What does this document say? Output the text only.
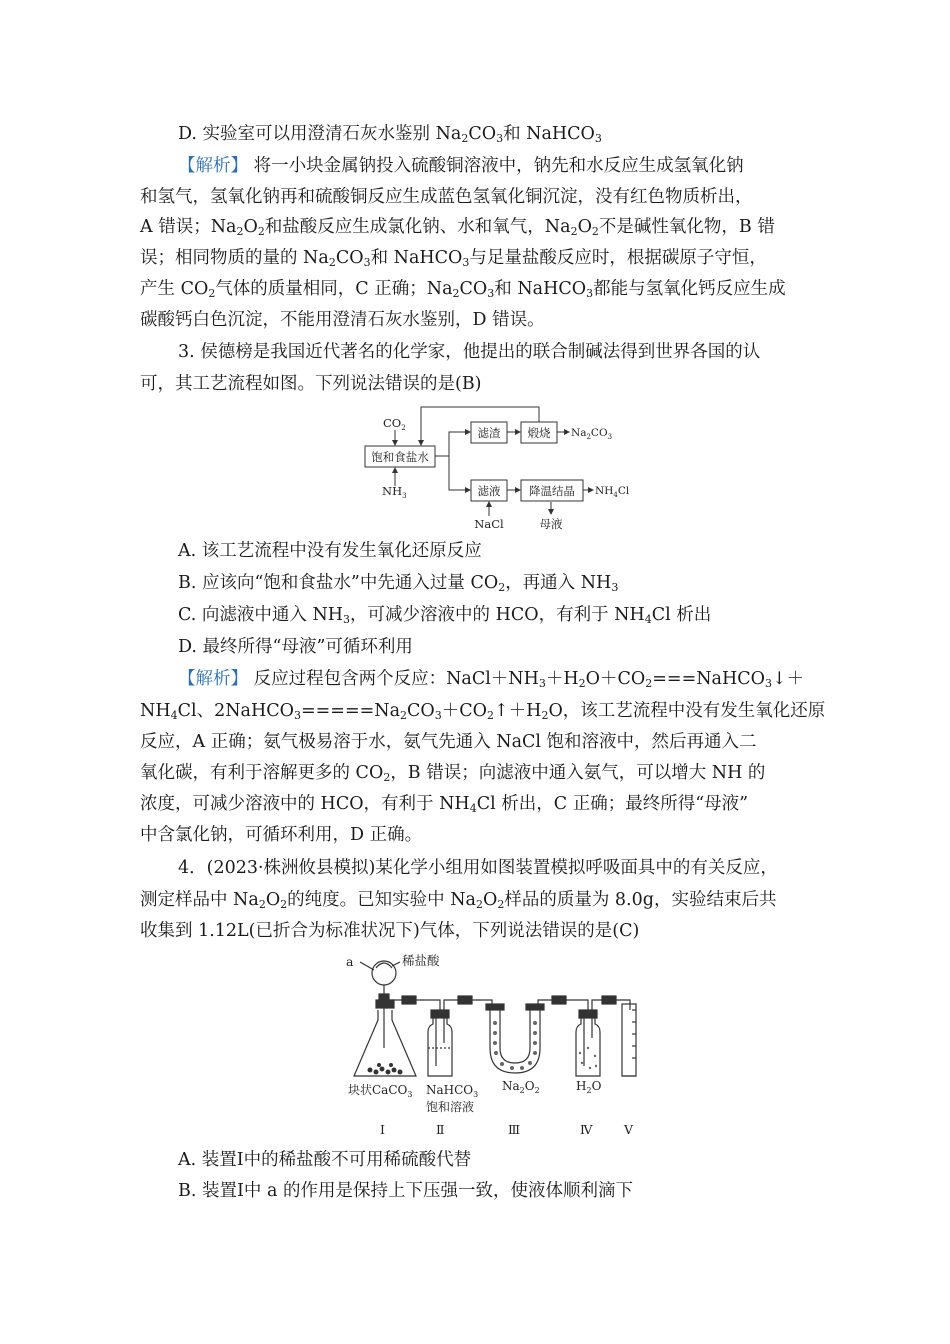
D. 实验室可以用澄清石灰水鉴别 $Na_2CO_3$和 NaHCO$_3$
【解析】 将一小块金属钠投入硫酸铜溶液中，钠先和水反应生成氢氧化钠
和氢气，氢氧化钠再和硫酸铜反应生成蓝色氢氧化铜沉淀，没有红色物质析出，
A 错误；$Na_2O_2$和盐酸反应生成氯化钠、水和氧气，$Na_2O_2$不是碱性氧化物，B 错
误；相同物质的量的 $Na_2CO_3$和 NaHCO$_3$与足量盐酸反应时，根据碳原子守恒，
产生 $CO_2$气体的质量相同，C 正确；$Na_2CO_3$和 NaHCO$_3$都能与氢氧化钙反应生成
碳酸钙白色沉淀，不能用澄清石灰水鉴别，D 错误。
3. 侯德榜是我国近代著名的化学家，他提出的联合制碱法得到世界各国的认
可，其工艺流程如图。下列说法错误的是(B)
$CO_2$
饱和食盐水
$NH_3$
滤渣 煅烧 $Na_2CO_3$
滤液 降温结晶 $NH_4Cl$
NaCl	母液
A. 该工艺流程中没有发生氧化还原反应
B. 应该向“饱和食盐水”中先通入过量 $CO_2$，再通入 $NH_3$
C. 向滤液中通入 $NH_3$，可减少溶液中的 HCO，有利于 $NH_4Cl$ 析出
D. 最终所得“母液”可循环利用
【解析】 反应过程包含两个反应：$NaCl+NH_3+H_2O+CO_2===NaHCO_3↓+$
$NH_4Cl$、$2NaHCO_3=====Na_2CO_3+CO_2↑+H_2O$，该工艺流程中没有发生氧化还原
反应，A 正确；氨气极易溶于水，氨气先通入 NaCl 饱和溶液中，然后再通入二
氧化碳，有利于溶解更多的 $CO_2$，B 错误；向滤液中通入氨气，可以增大 NH 的
浓度，可减少溶液中的 HCO，有利于 $NH_4Cl$ 析出，C 正确；最终所得“母液”
中含氯化钠，可循环利用，D 正确。
4．(2023·株洲攸县模拟)某化学小组用如图装置模拟呼吸面具中的有关反应，
测定样品中 $Na_2O_2$的纯度。已知实验中 $Na_2O_2$样品的质量为 8.0g，实验结束后共
收集到 1.12L(已折合为标准状况下)气体，下列说法错误的是(C)
a	稀盐酸
块状CaCO$_3$ NaHCO$_3$
饱和溶液
$Na_2O_2$	$H_2O$
Ⅰ	Ⅱ	Ⅲ	Ⅳ	Ⅴ
A. 装置Ⅰ中的稀盐酸不可用稀硫酸代替
B. 装置Ⅰ中 a 的作用是保持上下压强一致，使液体顺利滴下
